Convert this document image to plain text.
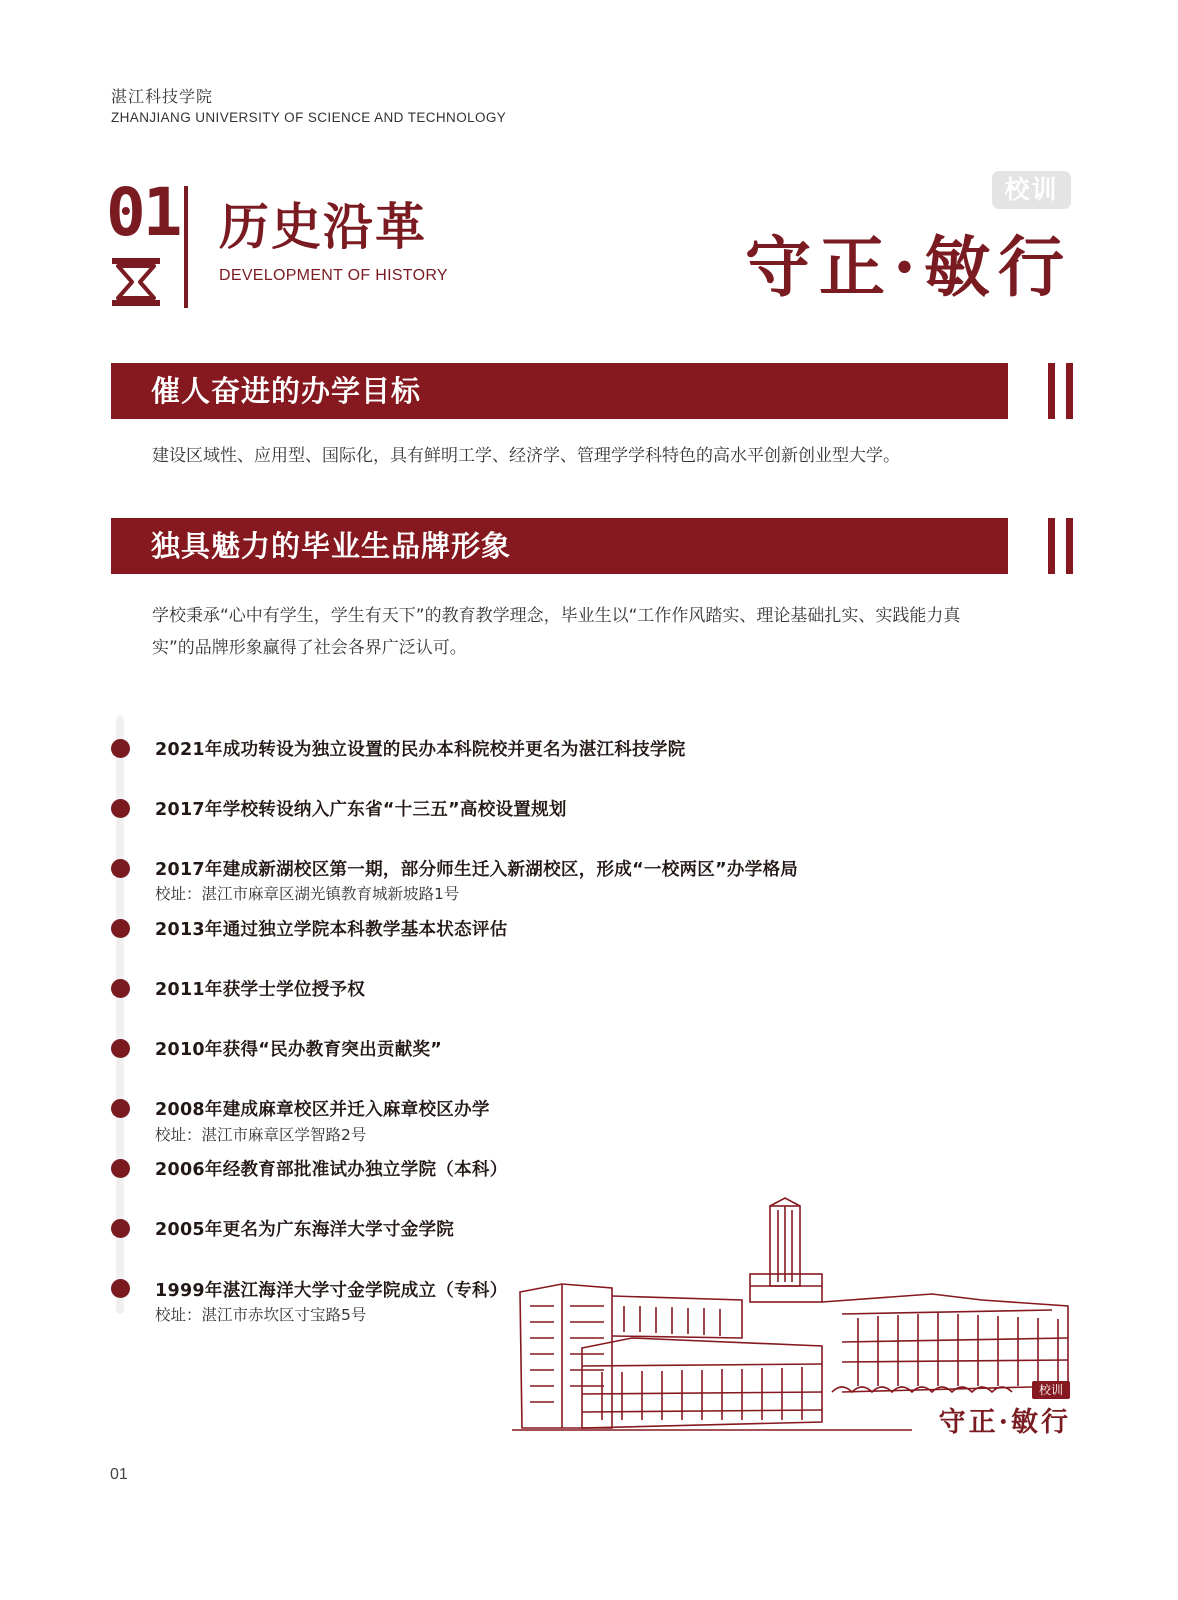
湛江科技学院
ZHANJIANG UNIVERSITY OF SCIENCE AND TECHNOLOGY
01 历史沿革
DEVELOPMENT OF HISTORY
校训
守正·敏行
催人奋进的办学目标
建设区域性、应用型、国际化，具有鲜明工学、经济学、管理学学科特色的高水平创新创业型大学。
独具魅力的毕业生品牌形象
学校秉承“心中有学生，学生有天下”的教育教学理念，毕业生以“工作作风踏实、理论基础扎实、实践能力真实”的品牌形象赢得了社会各界广泛认可。
2021年成功转设为独立设置的民办本科院校并更名为湛江科技学院
2017年学校转设纳入广东省“十三五”高校设置规划
2017年建成新湖校区第一期，部分师生迁入新湖校区，形成“一校两区”办学格局
校址：湛江市麻章区湖光镇教育城新坡路1号
2013年通过独立学院本科教学基本状态评估
2011年获学士学位授予权
2010年获得“民办教育突出贡献奖”
2008年建成麻章校区并迁入麻章校区办学
校址：湛江市麻章区学智路2号
2006年经教育部批准试办独立学院（本科）
2005年更名为广东海洋大学寸金学院
1999年湛江海洋大学寸金学院成立（专科）
校址：湛江市赤坎区寸宝路5号
校训
守正·敏行
01
